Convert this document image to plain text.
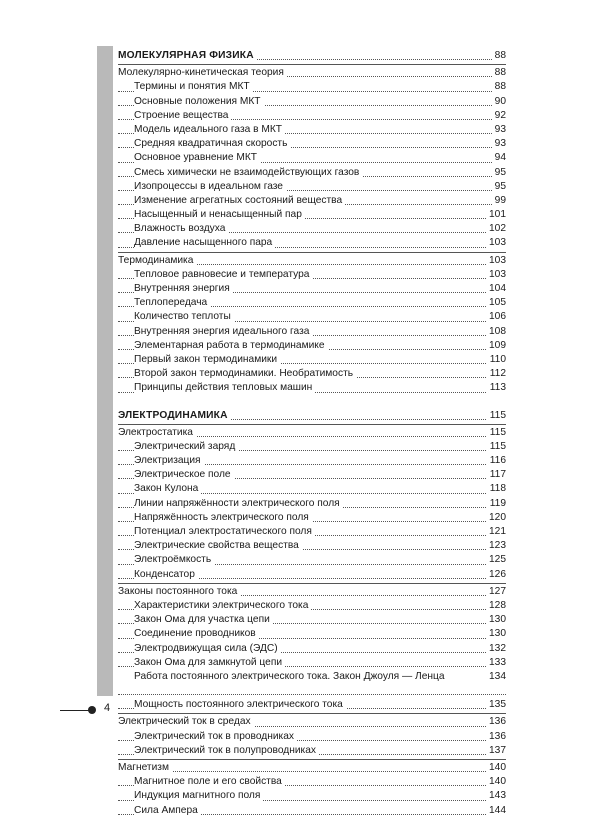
МОЛЕКУЛЯРНАЯ ФИЗИКА	88
Молекулярно-кинетическая теория	88
Термины и понятия МКТ	88
Основные положения МКТ	90
Строение вещества	92
Модель идеального газа в МКТ	93
Средняя квадратичная скорость	93
Основное уравнение МКТ	94
Смесь химически не взаимодействующих газов	95
Изопроцессы в идеальном газе	95
Изменение агрегатных состояний вещества	99
Насыщенный и ненасыщенный пар	101
Влажность воздуха	102
Давление насыщенного пара	103
Термодинамика	103
Тепловое равновесие и температура	103
Внутренняя энергия	104
Теплопередача	105
Количество теплоты	106
Внутренняя энергия идеального газа	108
Элементарная работа в термодинамике	109
Первый закон термодинамики	110
Второй закон термодинамики. Необратимость	112
Принципы действия тепловых машин	113
ЭЛЕКТРОДИНАМИКА	115
Электростатика	115
Электрический заряд	115
Электризация	116
Электрическое поле	117
Закон Кулона	118
Линии напряжённости электрического поля	119
Напряжённость электрического поля	120
Потенциал электростатического поля	121
Электрические свойства вещества	123
Электроёмкость	125
Конденсатор	126
Законы постоянного тока	127
Характеристики электрического тока	128
Закон Ома для участка цепи	130
Соединение проводников	130
Электродвижущая сила (ЭДС)	132
Закон Ома для замкнутой цепи	133
Работа постоянного электрического тока. Закон Джоуля — Ленца	134
Мощность постоянного электрического тока	135
Электрический ток в средах	136
Электрический ток в проводниках	136
Электрический ток в полупроводниках	137
Магнетизм	140
Магнитное поле и его свойства	140
Индукция магнитного поля	143
Сила Ампера	144
4
